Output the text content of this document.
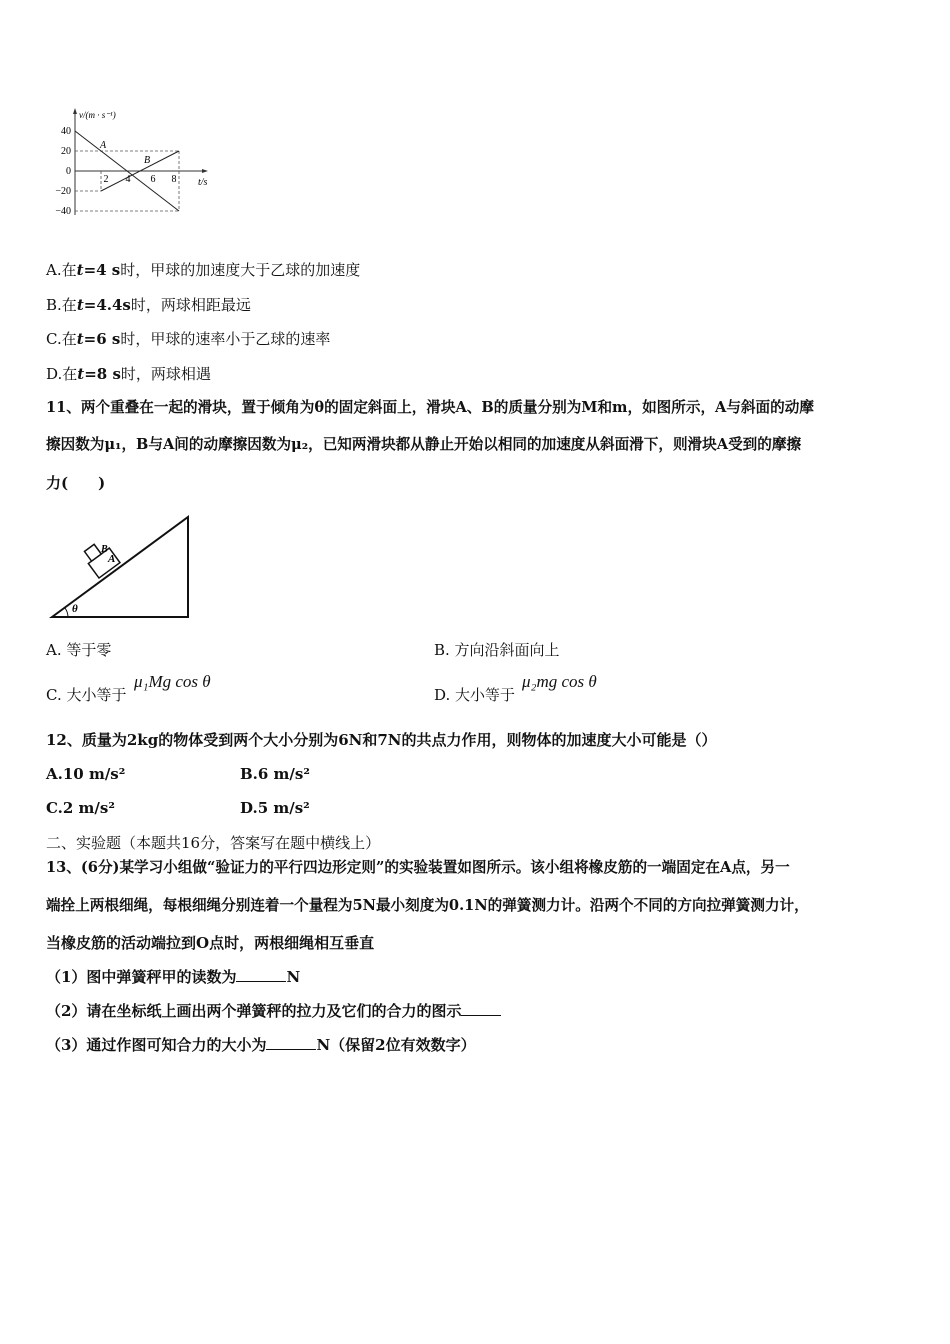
40
20
0
−20
−40
2 4 6 8
v/(m · s⁻¹)
t/s
A
B
A.在t=4 s时，甲球的加速度大于乙球的加速度
B.在t=4.4s时，两球相距最远
C.在t=6 s时，甲球的速率小于乙球的速率
D.在t=8 s时，两球相遇
11、两个重叠在一起的滑块，置于倾角为θ的固定斜面上，滑块A、B的质量分别为M和m，如图所示，A与斜面的动摩
擦因数为μ₁，B与A间的动摩擦因数为μ₂，已知两滑块都从静止开始以相同的加速度从斜面滑下，则滑块A受到的摩擦
力(　　)
A
B
θ
A. 等于零	B. 方向沿斜面向上
C. 大小等于
μ₁Mg cos θ
D. 大小等于
μ₂mg cos θ
12、质量为2kg的物体受到两个大小分别为6N和7N的共点力作用，则物体的加速度大小可能是（）
A.10 m/s²	B.6 m/s²
C.2 m/s²	D.5 m/s²
二、实验题（本题共16分，答案写在题中横线上）
13、(6分)某学习小组做“验证力的平行四边形定则”的实验装置如图所示。该小组将橡皮筋的一端固定在A点，另一
端拴上两根细绳，每根细绳分别连着一个量程为5N最小刻度为0.1N的弹簧测力计。沿两个不同的方向拉弹簧测力计，
当橡皮筋的活动端拉到O点时，两根细绳相互垂直
（1）图中弹簧秤甲的读数为	N
（2）请在坐标纸上画出两个弹簧秤的拉力及它们的合力的图示
（3）通过作图可知合力的大小为	N（保留2位有效数字）
